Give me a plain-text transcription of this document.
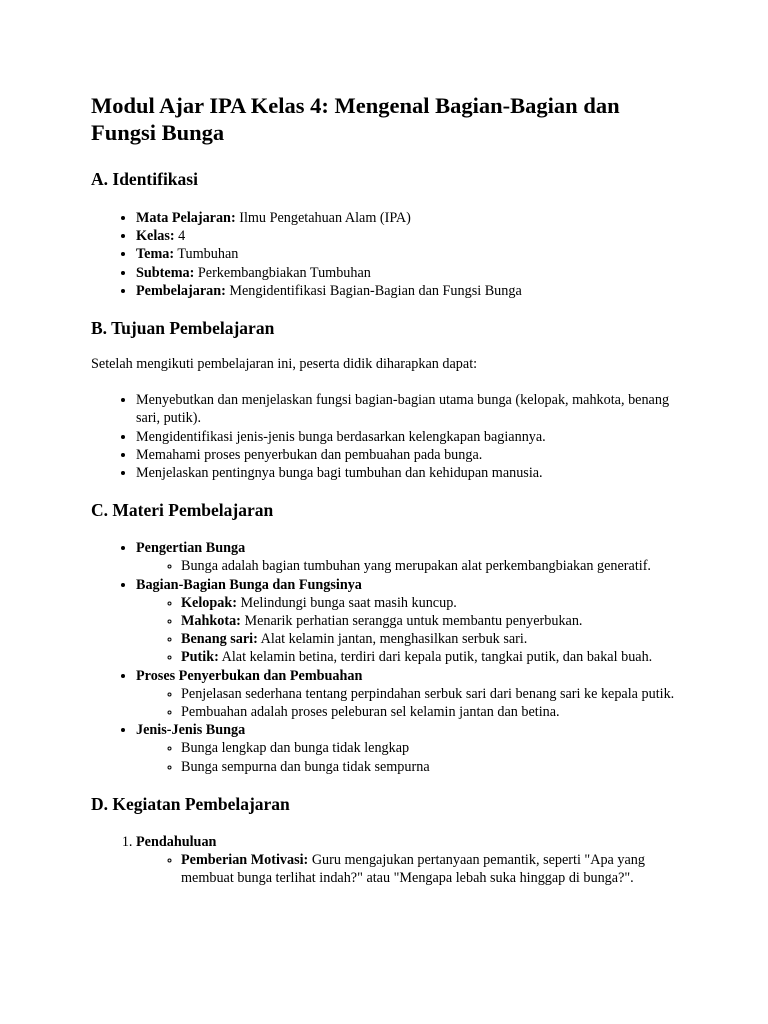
Modul Ajar IPA Kelas 4: Mengenal Bagian-Bagian dan Fungsi Bunga
A. Identifikasi
• Mata Pelajaran: Ilmu Pengetahuan Alam (IPA)
• Kelas: 4
• Tema: Tumbuhan
• Subtema: Perkembangbiakan Tumbuhan
• Pembelajaran: Mengidentifikasi Bagian-Bagian dan Fungsi Bunga
B. Tujuan Pembelajaran

Setelah mengikuti pembelajaran ini, peserta didik diharapkan dapat:

• Menyebutkan dan menjelaskan fungsi bagian-bagian utama bunga (kelopak, mahkota, benang sari, putik).
• Mengidentifikasi jenis-jenis bunga berdasarkan kelengkapan bagiannya.
• Memahami proses penyerbukan dan pembuahan pada bunga.
• Menjelaskan pentingnya bunga bagi tumbuhan dan kehidupan manusia.
C. Materi Pembelajaran
• Pengertian Bunga
◦ Bunga adalah bagian tumbuhan yang merupakan alat perkembangbiakan generatif.
• Bagian-Bagian Bunga dan Fungsinya
◦ Kelopak: Melindungi bunga saat masih kuncup.
◦ Mahkota: Menarik perhatian serangga untuk membantu penyerbukan.
◦ Benang sari: Alat kelamin jantan, menghasilkan serbuk sari.
◦ Putik: Alat kelamin betina, terdiri dari kepala putik, tangkai putik, dan bakal buah.
• Proses Penyerbukan dan Pembuahan
◦ Penjelasan sederhana tentang perpindahan serbuk sari dari benang sari ke kepala putik.
◦ Pembuahan adalah proses peleburan sel kelamin jantan dan betina.
• Jenis-Jenis Bunga
◦ Bunga lengkap dan bunga tidak lengkap
◦ Bunga sempurna dan bunga tidak sempurna
D. Kegiatan Pembelajaran
1. Pendahuluan
◦ Pemberian Motivasi: Guru mengajukan pertanyaan pemantik, seperti "Apa yang membuat bunga terlihat indah?" atau "Mengapa lebah suka hinggap di bunga?".
